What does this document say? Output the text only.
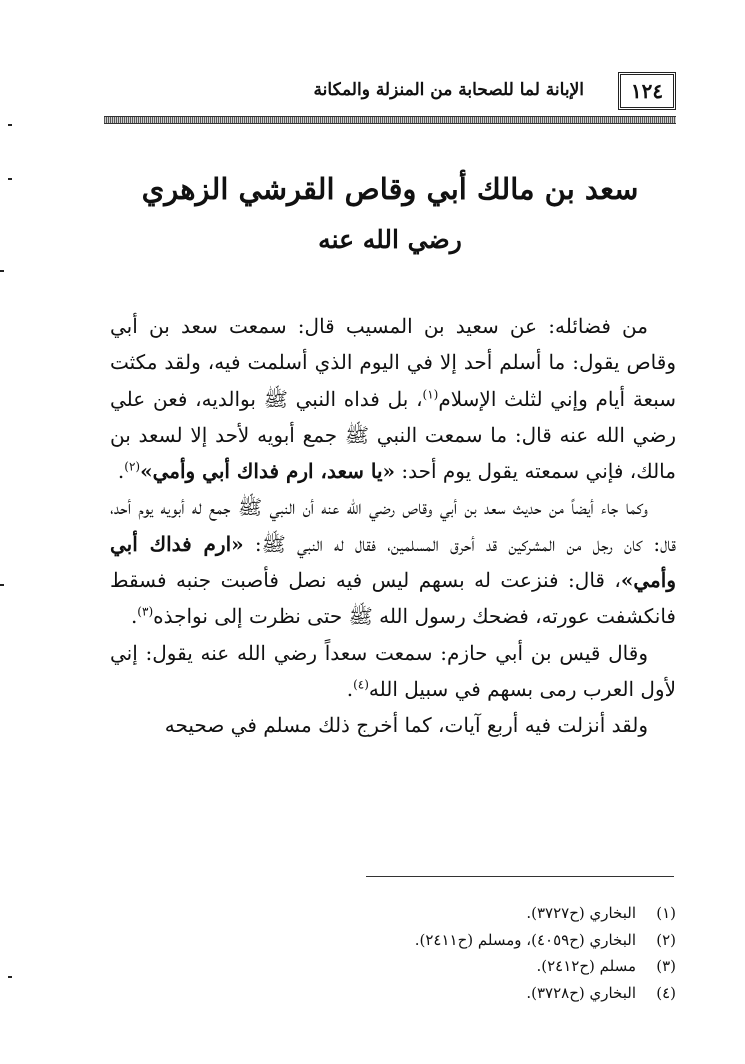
١٢٤
الإبانة لما للصحابة من المنزلة والمكانة
سعد بن مالك أبي وقاص القرشي الزهري
رضي الله عنه

من فضائله: عن سعيد بن المسيب قال: سمعت سعد بن أبي وقاص يقول: ما أسلم أحد إلا في اليوم الذي أسلمت فيه، ولقد مكثت سبعة أيام وإني لثلث الإسلام$^{(١)}$، بل فداه النبي ﷺ بوالديه، فعن علي رضي الله عنه قال: ما سمعت النبي ﷺ جمع أبويه لأحد إلا لسعد بن مالك، فإني سمعته يقول يوم أحد: «يا سعد، ارم فداك أبي وأمي»$^{(٢)}$.

وكما جاء أيضاً من حديث سعد بن أبي وقاص رضي الله عنه أن النبي ﷺ جمع له أبويه يوم أحد، قال: كان رجل من المشركين قد أحرق المسلمين، فقال له النبي ﷺ: «ارم فداك أبي وأمي»، قال: فنزعت له بسهم ليس فيه نصل فأصبت جنبه فسقط فانكشفت عورته، فضحك رسول الله ﷺ حتى نظرت إلى نواجذه$^{(٣)}$.

وقال قيس بن أبي حازم: سمعت سعداً رضي الله عنه يقول: إني لأول العرب رمى بسهم في سبيل الله$^{(٤)}$.

ولقد أنزلت فيه أربع آيات، كما أخرج ذلك مسلم في صحيحه

(١)البخاري (ح٣٧٢٧).
(٢)البخاري (ح٤٠٥٩)، ومسلم (ح٢٤١١).
(٣)مسلم (ح٢٤١٢).
(٤)البخاري (ح٣٧٢٨).
